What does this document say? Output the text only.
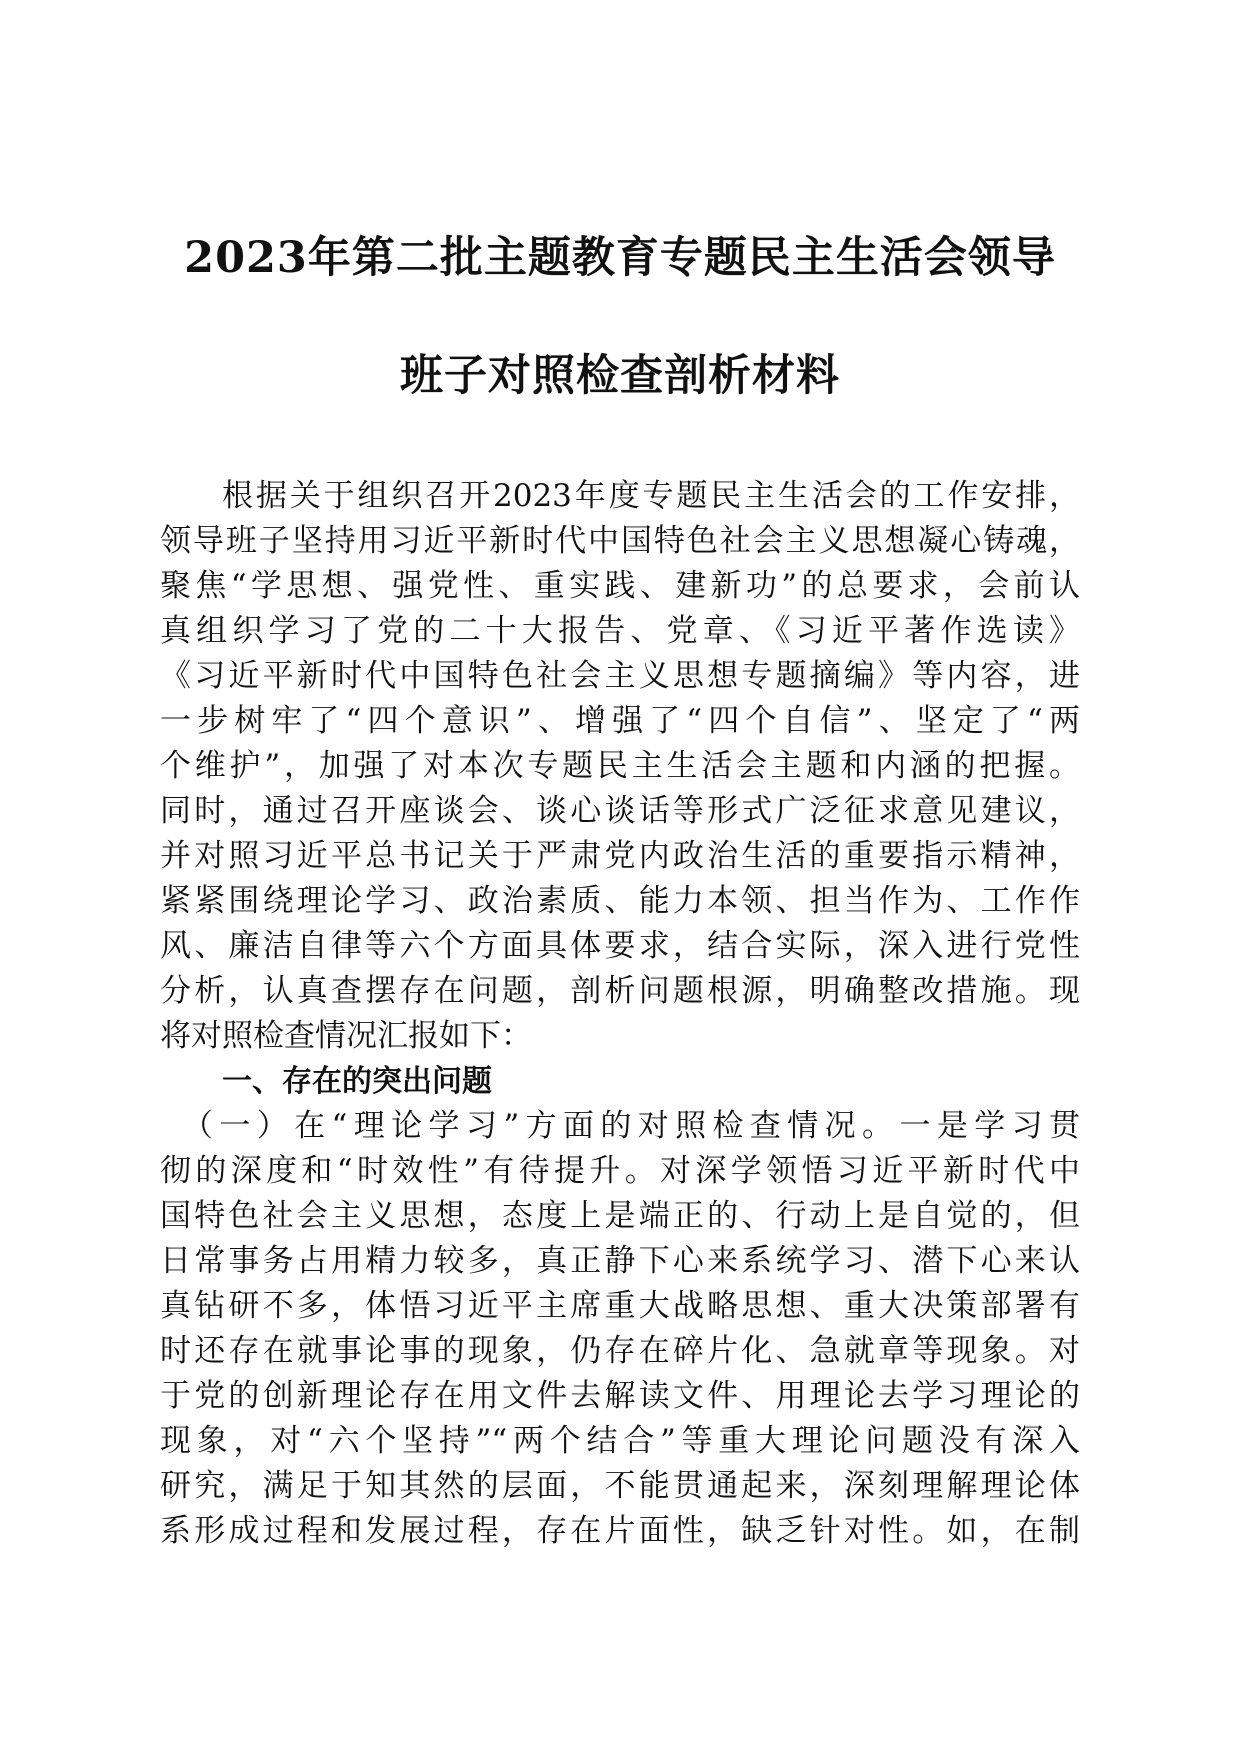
2023年第二批主题教育专题民主生活会领导
班子对照检查剖析材料
根据关于组织召开2023年度专题民主生活会的工作安排，
领导班子坚持用习近平新时代中国特色社会主义思想凝心铸魂，
聚焦“学思想、强党性、重实践、建新功”的总要求，会前认
真组织学习了党的二十大报告、党章、《习近平著作选读》
《习近平新时代中国特色社会主义思想专题摘编》等内容，进
一步树牢了“四个意识”、增强了“四个自信”、坚定了“两
个维护”，加强了对本次专题民主生活会主题和内涵的把握。
同时，通过召开座谈会、谈心谈话等形式广泛征求意见建议，
并对照习近平总书记关于严肃党内政治生活的重要指示精神，
紧紧围绕理论学习、政治素质、能力本领、担当作为、工作作
风、廉洁自律等六个方面具体要求，结合实际，深入进行党性
分析，认真查摆存在问题，剖析问题根源，明确整改措施。现
将对照检查情况汇报如下：
一、存在的突出问题
（一）在“理论学习”方面的对照检查情况。一是学习贯
彻的深度和“时效性”有待提升。对深学领悟习近平新时代中
国特色社会主义思想，态度上是端正的、行动上是自觉的，但
日常事务占用精力较多，真正静下心来系统学习、潜下心来认
真钻研不多，体悟习近平主席重大战略思想、重大决策部署有
时还存在就事论事的现象，仍存在碎片化、急就章等现象。对
于党的创新理论存在用文件去解读文件、用理论去学习理论的
现象，对“六个坚持”“两个结合”等重大理论问题没有深入
研究，满足于知其然的层面，不能贯通起来，深刻理解理论体
系形成过程和发展过程，存在片面性，缺乏针对性。如，在制
